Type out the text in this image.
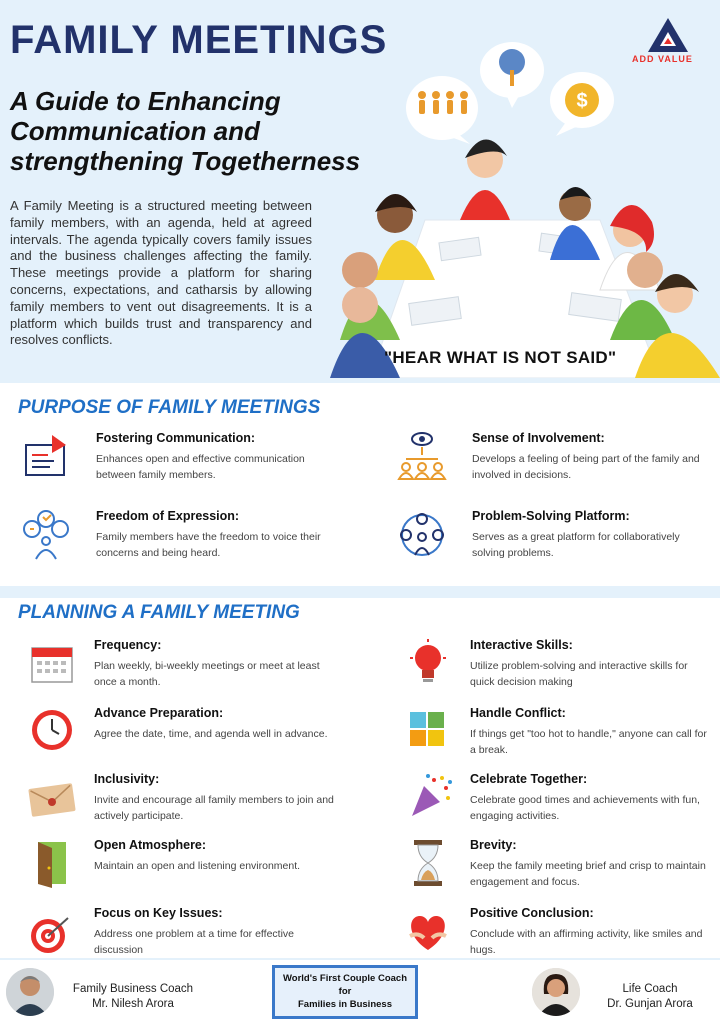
FAMILY MEETINGS
A Guide to Enhancing Communication and strengthening Togetherness
A Family Meeting is a structured meeting between family members, with an agenda, held at agreed intervals. The agenda typically covers family issues and the business challenges affecting the family. These meetings provide a platform for sharing concerns, expectations, and catharsis by allowing family members to vent out disagreements. It is a platform which builds trust and transparency and resolves conflicts.
ADD VALUE
$
"HEAR WHAT IS NOT SAID"
PURPOSE OF FAMILY MEETINGS
Fostering Communication:
Enhances open and effective communication between family members.
Sense of Involvement:
Develops a feeling of being part of the family and involved in decisions.
Freedom of Expression:
Family members have the freedom to voice their concerns and being heard.
Problem-Solving Platform:
Serves as a great platform for collaboratively solving problems.
PLANNING A FAMILY MEETING
Frequency:
Plan weekly, bi-weekly meetings or meet at least once a month.
Advance Preparation:
Agree the date, time, and agenda well in advance.
Inclusivity:
Invite and encourage all family members to join and actively participate.
Open Atmosphere:
Maintain an open and listening environment.
Focus on Key Issues:
Address one problem at a time for effective discussion
Interactive Skills:
Utilize problem-solving and interactive skills for quick decision making
Handle Conflict:
If things get "too hot to handle," anyone can call for a break.
Celebrate Together:
Celebrate good times and achievements with fun, engaging activities.
Brevity:
Keep the family meeting brief and crisp to maintain engagement and focus.
Positive Conclusion:
Conclude with an affirming activity, like smiles and hugs.
Family Business Coach
Mr. Nilesh Arora
World's First Couple Coach
for
Families in Business
Life Coach
Dr. Gunjan Arora
